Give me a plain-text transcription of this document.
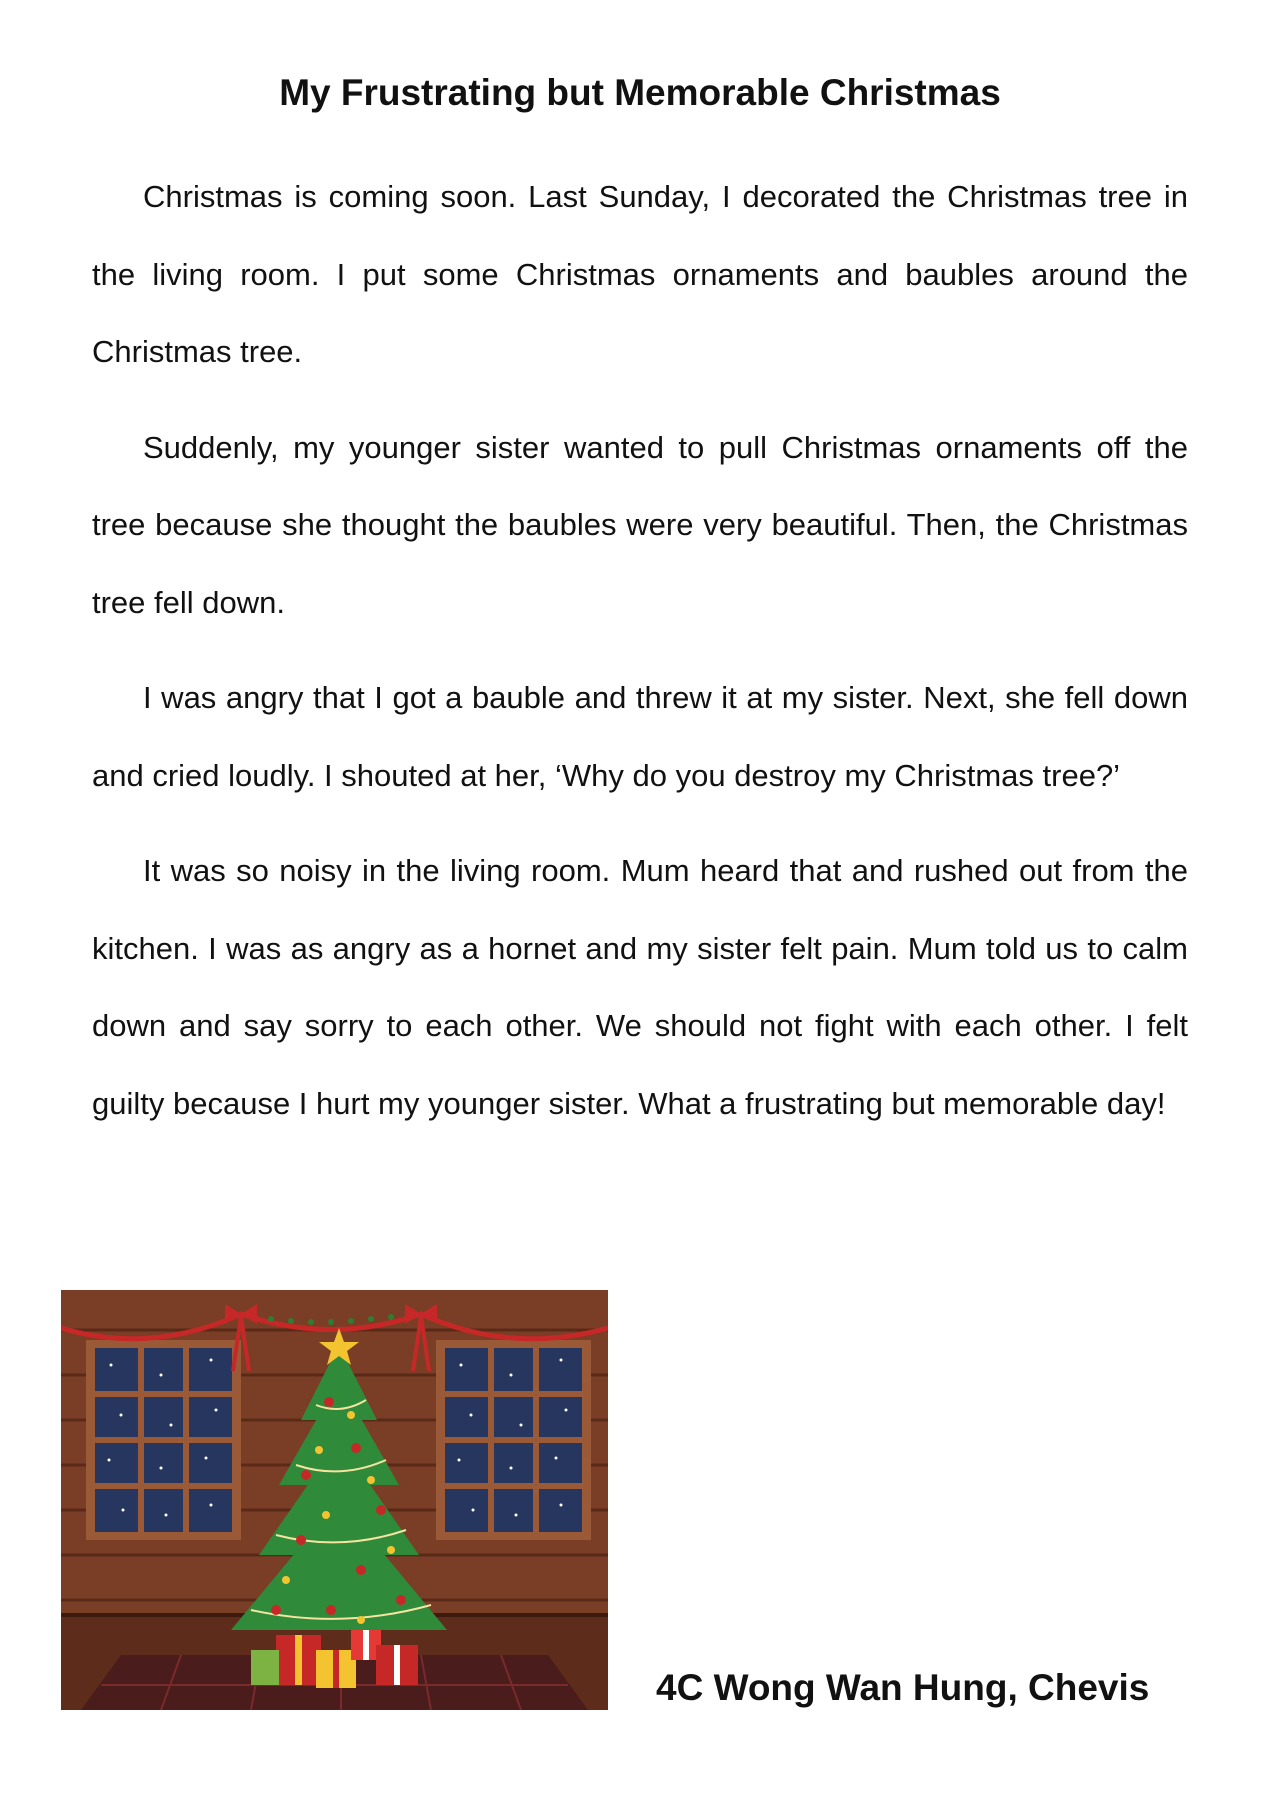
My Frustrating but Memorable Christmas

Christmas is coming soon. Last Sunday, I decorated the Christmas tree in the living room. I put some Christmas ornaments and baubles around the Christmas tree.

Suddenly, my younger sister wanted to pull Christmas ornaments off the tree because she thought the baubles were very beautiful. Then, the Christmas tree fell down.

I was angry that I got a bauble and threw it at my sister. Next, she fell down and cried loudly. I shouted at her, ‘Why do you destroy my Christmas tree?’

It was so noisy in the living room. Mum heard that and rushed out from the kitchen. I was as angry as a hornet and my sister felt pain. Mum told us to calm down and say sorry to each other. We should not fight with each other. I felt guilty because I hurt my younger sister. What a frustrating but memorable day!

4C Wong Wan Hung, Chevis
